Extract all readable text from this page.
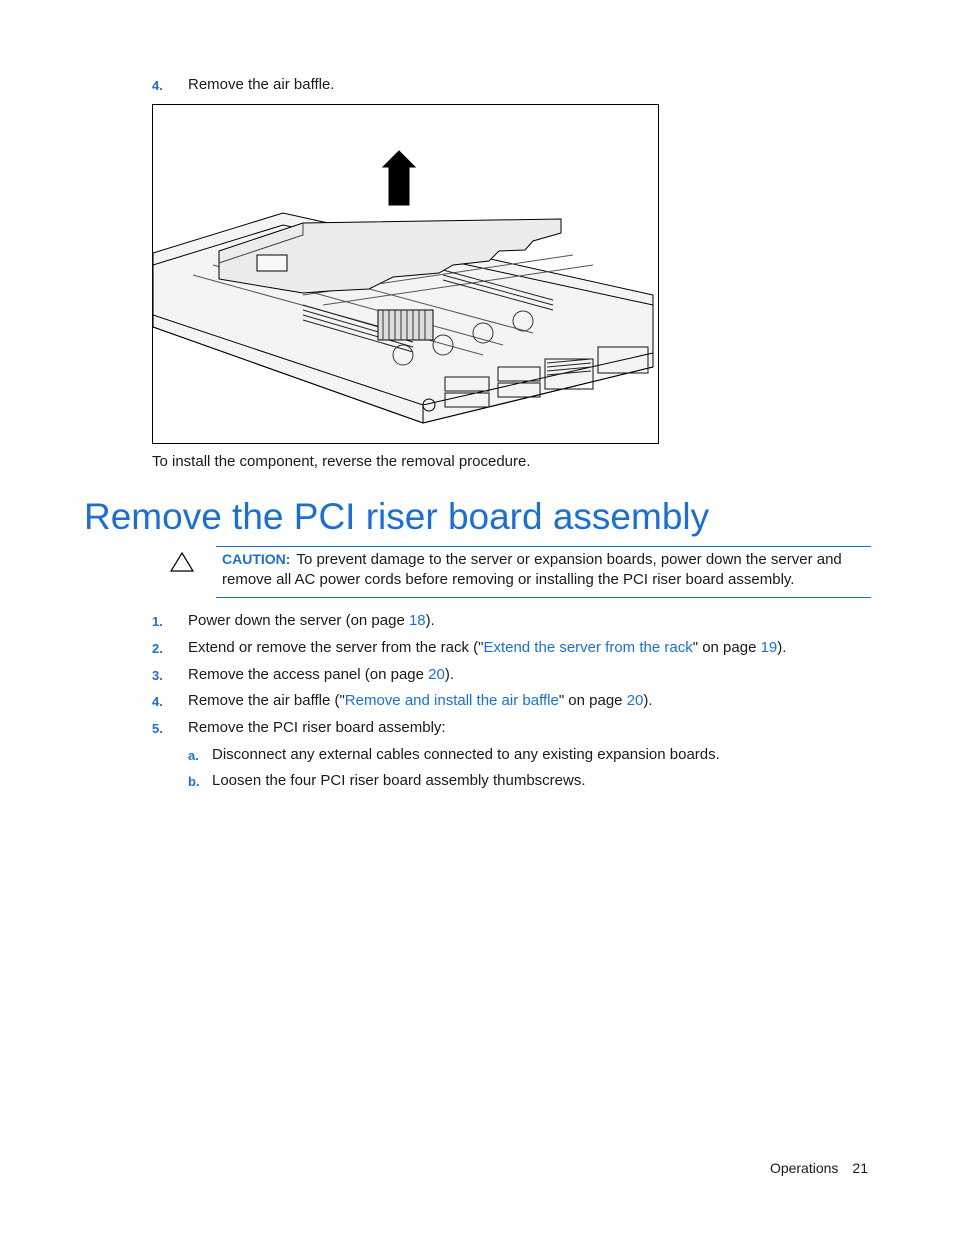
4. Remove the air baffle.

To install the component, reverse the removal procedure.

Remove the PCI riser board assembly
CAUTION: To prevent damage to the server or expansion boards, power down the server and remove all AC power cords before removing or installing the PCI riser board assembly.
1. Power down the server (on page 18).
2. Extend or remove the server from the rack ("Extend the server from the rack" on page 19).
3. Remove the access panel (on page 20).
4. Remove the air baffle ("Remove and install the air baffle" on page 20).
5. Remove the PCI riser board assembly:
a. Disconnect any external cables connected to any existing expansion boards.
b. Loosen the four PCI riser board assembly thumbscrews.
Operations 21
